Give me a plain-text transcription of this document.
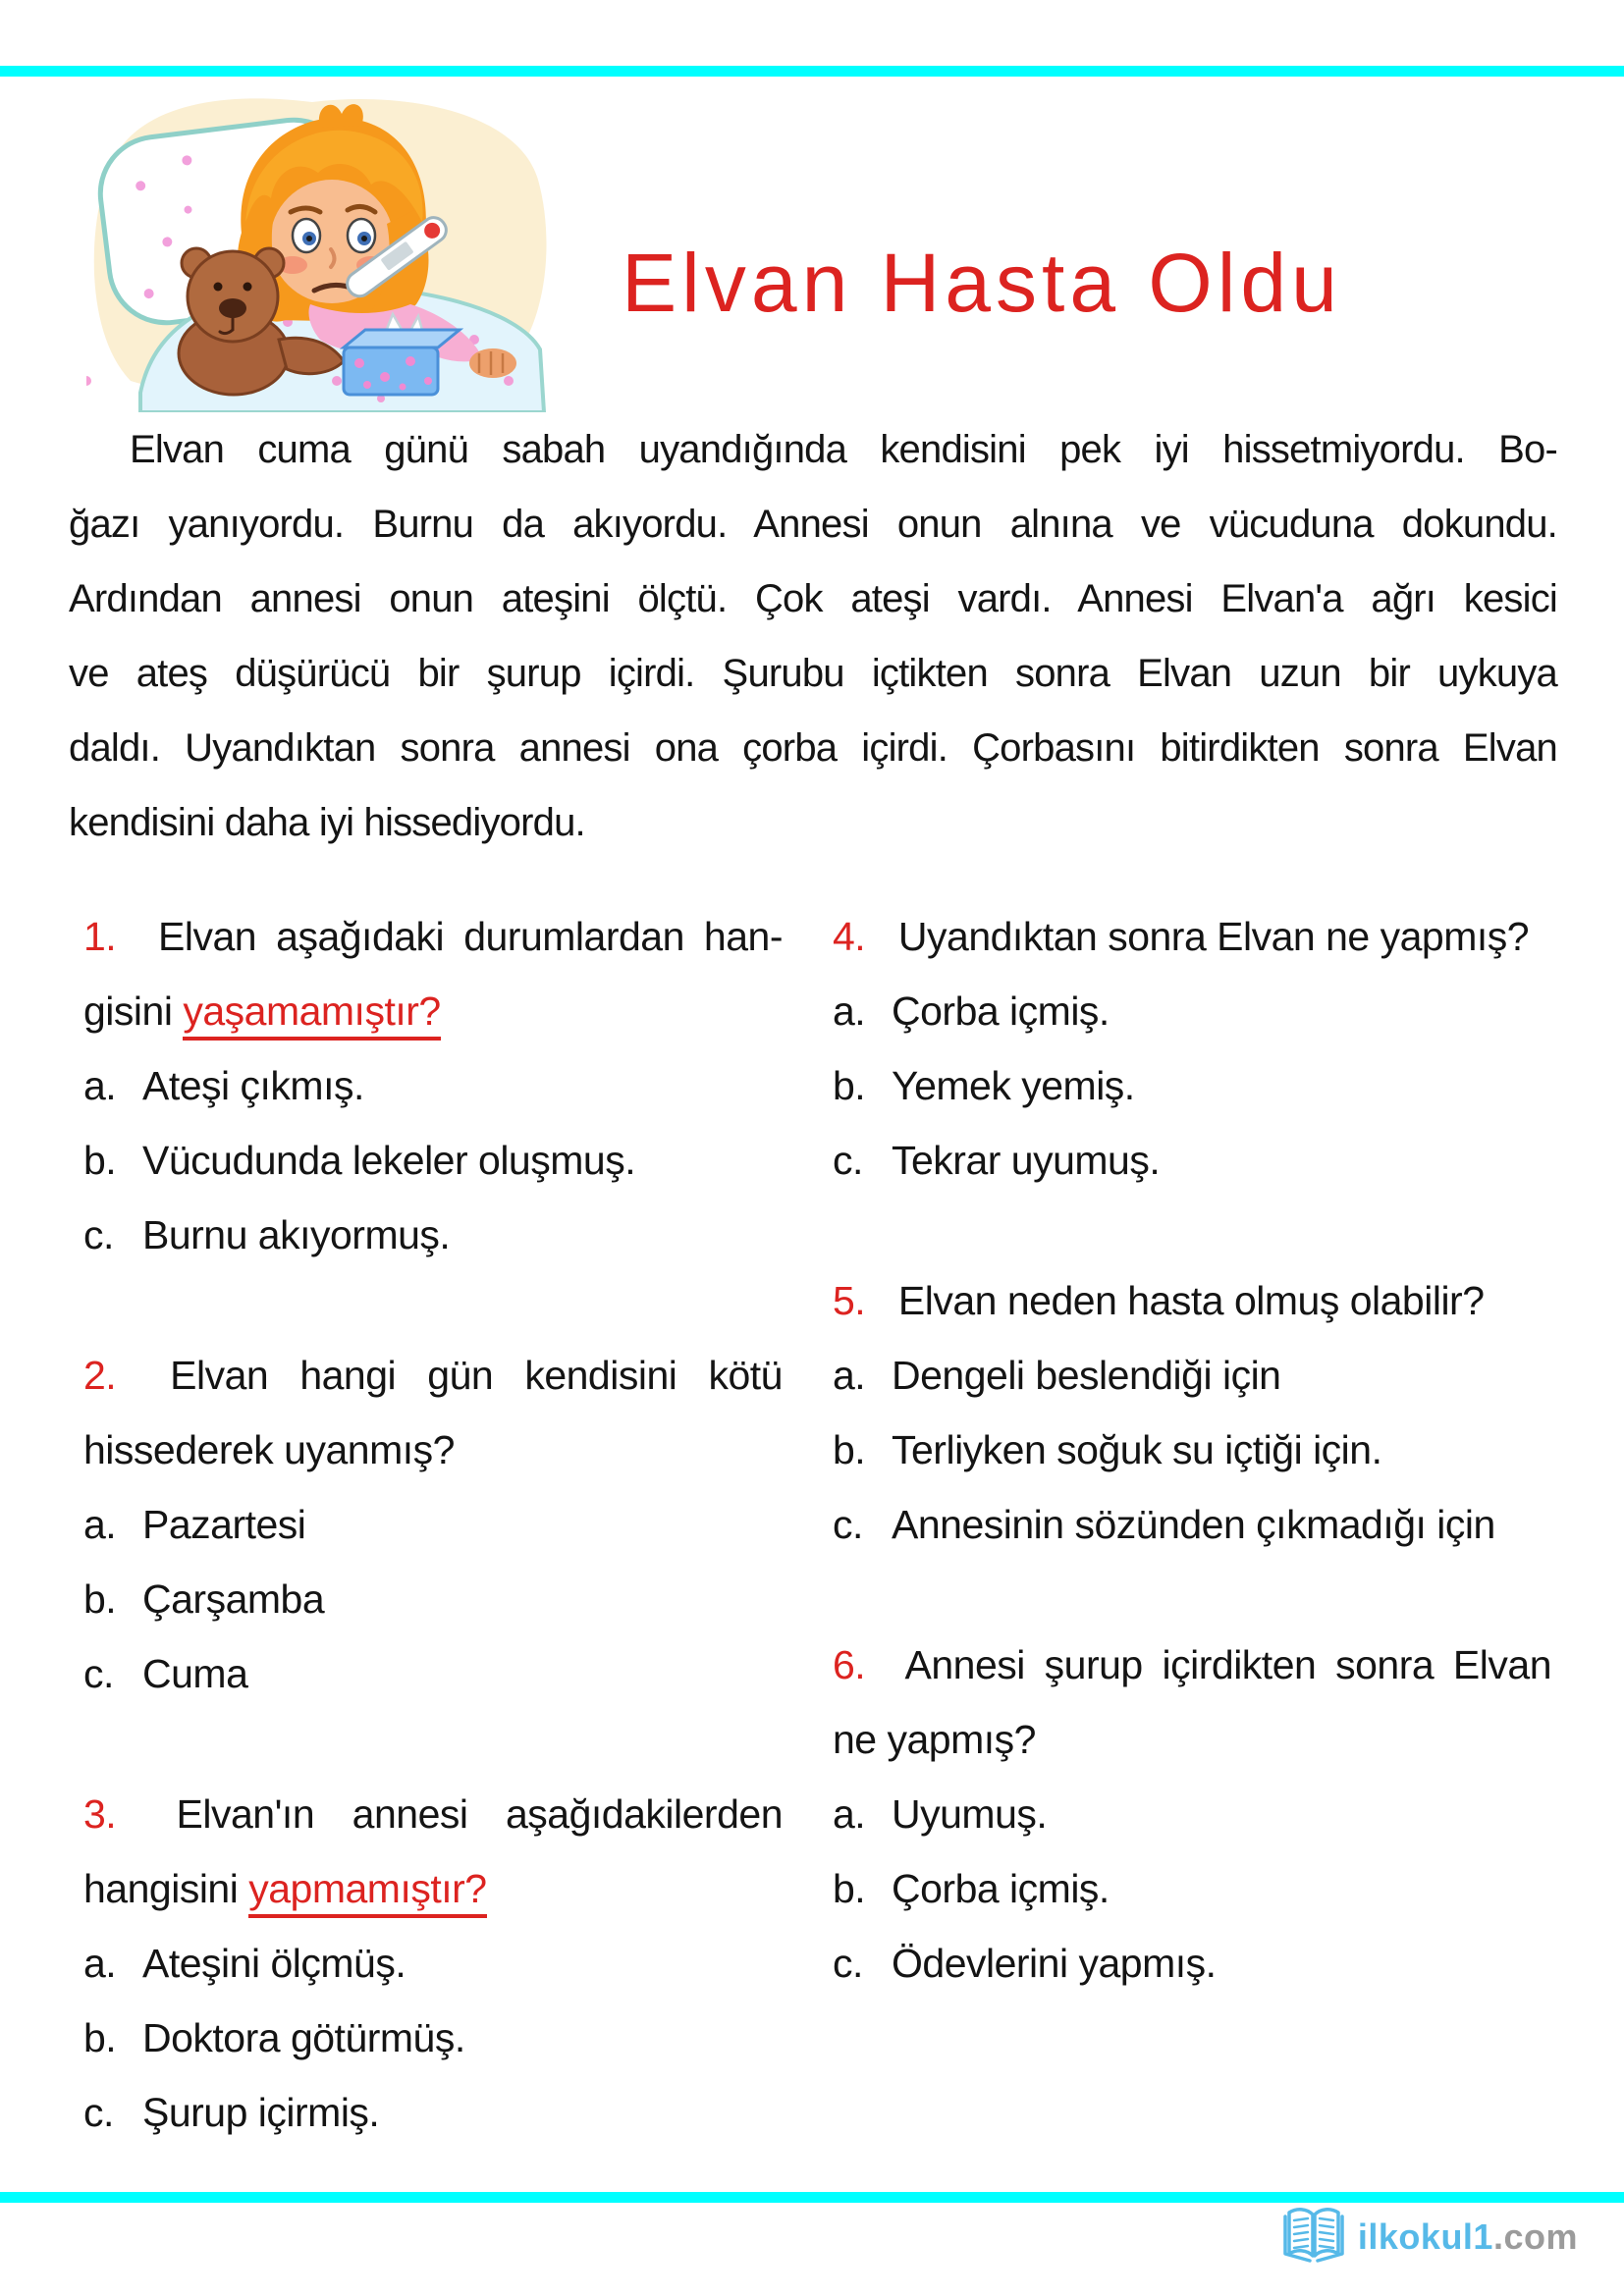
Elvan Hasta Oldu
Elvan cuma günü sabah uyandığında kendisini pek iyi hissetmiyordu. Bo-
ğazı yanıyordu. Burnu da akıyordu. Annesi onun alnına ve vücuduna dokundu.
Ardından annesi onun ateşini ölçtü. Çok ateşi vardı. Annesi Elvan'a ağrı kesici
ve ateş düşürücü bir şurup içirdi. Şurubu içtikten sonra Elvan uzun bir uykuya
daldı. Uyandıktan sonra annesi ona çorba içirdi. Çorbasını bitirdikten sonra Elvan
kendisini daha iyi hissediyordu.
1. Elvan aşağıdaki durumlardan han-
gisini yaşamamıştır?
a. Ateşi çıkmış.
b. Vücudunda lekeler oluşmuş.
c. Burnu akıyormuş.
2. Elvan hangi gün kendisini kötü
hissederek uyanmış?
a. Pazartesi
b. Çarşamba
c. Cuma
3. Elvan'ın annesi aşağıdakilerden
hangisini yapmamıştır?
a. Ateşini ölçmüş.
b. Doktora götürmüş.
c. Şurup içirmiş.
4. Uyandıktan sonra Elvan ne yapmış?
a. Çorba içmiş.
b. Yemek yemiş.
c. Tekrar uyumuş.
5. Elvan neden hasta olmuş olabilir?
a. Dengeli beslendiği için
b. Terliyken soğuk su içtiği için.
c. Annesinin sözünden çıkmadığı için
6. Annesi şurup içirdikten sonra Elvan
ne yapmış?
a. Uyumuş.
b. Çorba içmiş.
c. Ödevlerini yapmış.
ilkokul1.com
